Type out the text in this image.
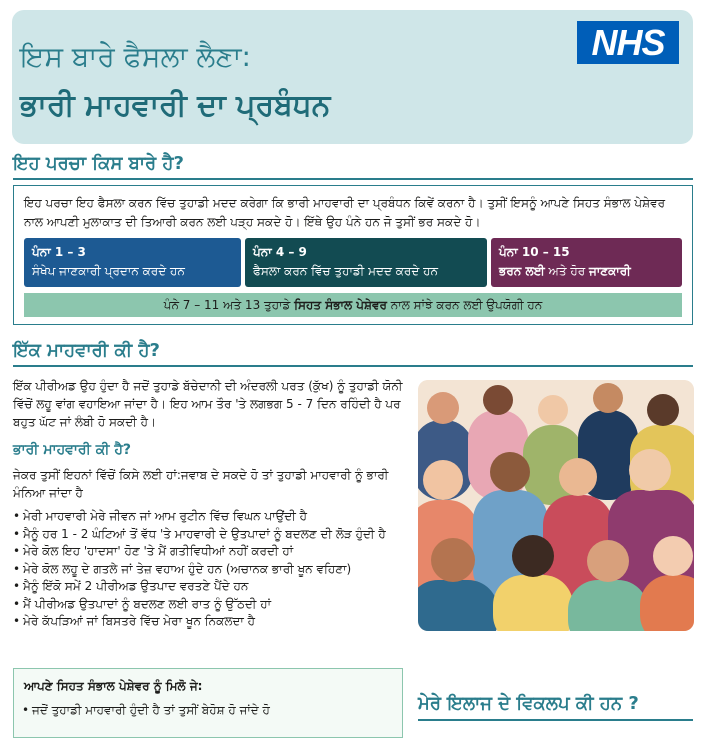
ਇਸ ਬਾਰੇ ਫੈਸਲਾ ਲੈਣਾ:
ਭਾਰੀ ਮਾਹਵਾਰੀ ਦਾ ਪ੍ਰਬੰਧਨ
NHS
ਇਹ ਪਰਚਾ ਕਿਸ ਬਾਰੇ ਹੈ?
ਇਹ ਪਰਚਾ ਇਹ ਫੈਸਲਾ ਕਰਨ ਵਿੱਚ ਤੁਹਾਡੀ ਮਦਦ ਕਰੇਗਾ ਕਿ ਭਾਰੀ ਮਾਹਵਾਰੀ ਦਾ ਪ੍ਰਬੰਧਨ ਕਿਵੇਂ ਕਰਨਾ ਹੈ। ਤੁਸੀਂ ਇਸਨੂੰ ਆਪਣੇ ਸਿਹਤ ਸੰਭਾਲ ਪੇਸ਼ੇਵਰ ਨਾਲ ਆਪਣੀ ਮੁਲਾਕਾਤ ਦੀ ਤਿਆਰੀ ਕਰਨ ਲਈ ਪੜ੍ਹ ਸਕਦੇ ਹੋ। ਇੱਥੇ ਉਹ ਪੰਨੇ ਹਨ ਜੋ ਤੁਸੀਂ ਭਰ ਸਕਦੇ ਹੋ।
ਪੰਨਾ 1 – 3
ਸੰਖੇਪ ਜਾਣਕਾਰੀ ਪ੍ਰਦਾਨ ਕਰਦੇ ਹਨ
ਪੰਨਾ 4 – 9
ਫੈਸਲਾ ਕਰਨ ਵਿੱਚ ਤੁਹਾਡੀ ਮਦਦ ਕਰਦੇ ਹਨ
ਪੰਨਾ 10 – 15
ਭਰਨ ਲਈ ਅਤੇ ਹੋਰ ਜਾਣਕਾਰੀ
ਪੰਨੇ 7 – 11 ਅਤੇ 13 ਤੁਹਾਡੇ ਸਿਹਤ ਸੰਭਾਲ ਪੇਸ਼ੇਵਰ ਨਾਲ ਸਾਂਝੇ ਕਰਨ ਲਈ ਉਪਯੋਗੀ ਹਨ
ਇੱਕ ਮਾਹਵਾਰੀ ਕੀ ਹੈ?
ਇੱਕ ਪੀਰੀਅਡ ਉਹ ਹੁੰਦਾ ਹੈ ਜਦੋਂ ਤੁਹਾਡੇ ਬੱਚੇਦਾਨੀ ਦੀ ਅੰਦਰਲੀ ਪਰਤ (ਕੁੱਖ) ਨੂੰ ਤੁਹਾਡੀ ਯੋਨੀ ਵਿੱਚੋਂ ਲਹੂ ਵਾਂਗ ਵਹਾਇਆ ਜਾਂਦਾ ਹੈ। ਇਹ ਆਮ ਤੌਰ 'ਤੇ ਲਗਭਗ 5 - 7 ਦਿਨ ਰਹਿੰਦੀ ਹੈ ਪਰ ਬਹੁਤ ਘੱਟ ਜਾਂ ਲੰਬੀ ਹੋ ਸਕਦੀ ਹੈ।
ਭਾਰੀ ਮਾਹਵਾਰੀ ਕੀ ਹੈ?
ਜੇਕਰ ਤੁਸੀਂ ਇਹਨਾਂ ਵਿੱਚੋਂ ਕਿਸੇ ਲਈ ਹਾਂ:ਜਵਾਬ ਦੇ ਸਕਦੇ ਹੋ ਤਾਂ ਤੁਹਾਡੀ ਮਾਹਵਾਰੀ ਨੂੰ ਭਾਰੀ ਮੰਨਿਆ ਜਾਂਦਾ ਹੈ
• ਮੇਰੀ ਮਾਹਵਾਰੀ ਮੇਰੇ ਜੀਵਨ ਜਾਂ ਆਮ ਰੁਟੀਨ ਵਿੱਚ ਵਿਘਨ ਪਾਉਂਦੀ ਹੈ
• ਮੈਨੂੰ ਹਰ 1 - 2 ਘੰਟਿਆਂ ਤੋਂ ਵੱਧ 'ਤੇ ਮਾਹਵਾਰੀ ਦੇ ਉਤਪਾਦਾਂ ਨੂੰ ਬਦਲਣ ਦੀ ਲੋੜ ਹੁੰਦੀ ਹੈ
• ਮੇਰੇ ਕੋਲ ਇਹ 'ਹਾਦਸਾ' ਹੋਣ 'ਤੇ ਮੈਂ ਗਤੀਵਿਧੀਆਂ ਨਹੀਂ ਕਰਦੀ ਹਾਂ
• ਮੇਰੇ ਕੋਲ ਲਹੂ ਦੇ ਗਤਲੇ ਜਾਂ ਤੇਜ਼ ਵਹਾਅ ਹੁੰਦੇ ਹਨ (ਅਚਾਨਕ ਭਾਰੀ ਖੂਨ ਵਹਿਣਾ)
• ਮੈਨੂੰ ਇੱਕੋ ਸਮੇਂ 2 ਪੀਰੀਅਡ ਉਤਪਾਦ ਵਰਤਣੇ ਪੈਂਦੇ ਹਨ
• ਮੈਂ ਪੀਰੀਅਡ ਉਤਪਾਦਾਂ ਨੂੰ ਬਦਲਣ ਲਈ ਰਾਤ ਨੂੰ ਉੱਠਦੀ ਹਾਂ
• ਮੇਰੇ ਕੱਪੜਿਆਂ ਜਾਂ ਬਿਸਤਰੇ ਵਿੱਚ ਮੇਰਾ ਖੂਨ ਨਿਕਲਦਾ ਹੈ
ਆਪਣੇ ਸਿਹਤ ਸੰਭਾਲ ਪੇਸ਼ੇਵਰ ਨੂੰ ਮਿਲੋ ਜੇ:
• ਜਦੋਂ ਤੁਹਾਡੀ ਮਾਹਵਾਰੀ ਹੁੰਦੀ ਹੈ ਤਾਂ ਤੁਸੀਂ ਬੇਹੋਸ਼ ਹੋ ਜਾਂਦੇ ਹੋ	ਮੇਰੇ ਇਲਾਜ ਦੇ ਵਿਕਲਪ ਕੀ ਹਨ ?
